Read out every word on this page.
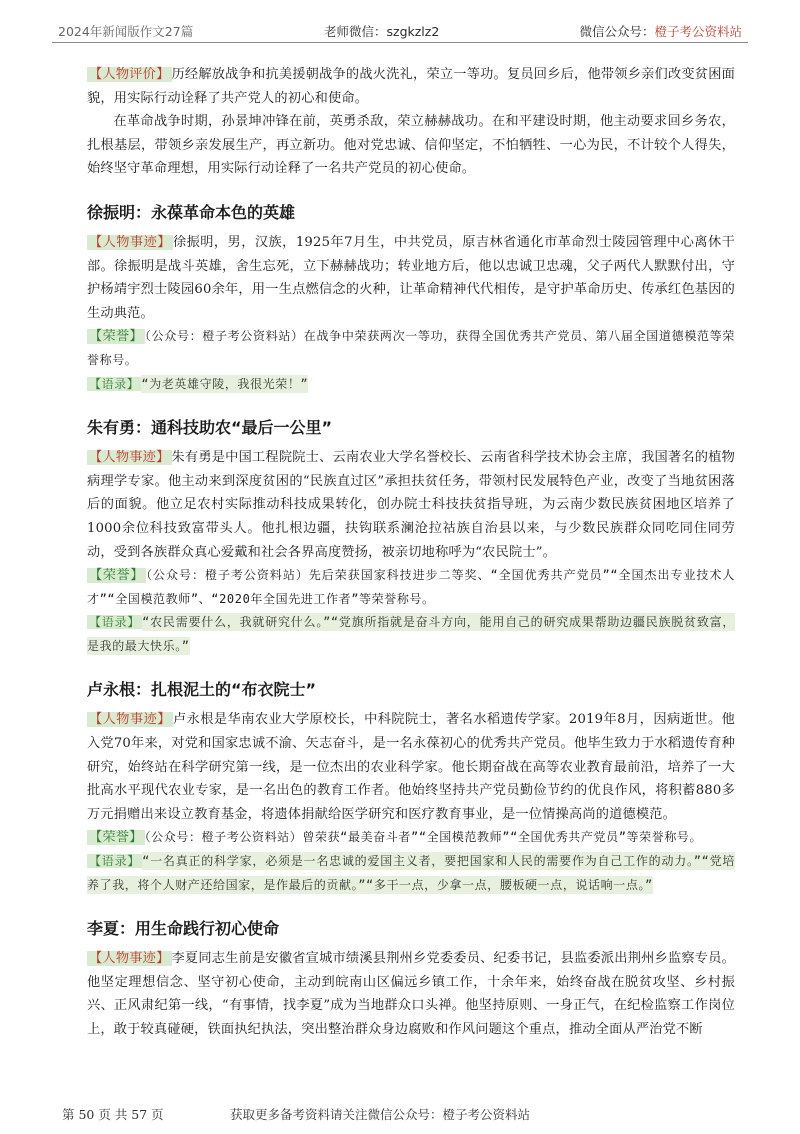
2024年新闻版作文27篇	老师微信：szgkzlz2	微信公众号：橙子考公资料站

【人物评价】 历经解放战争和抗美援朝战争的战火洗礼，荣立一等功。复员回乡后，他带领乡亲们改变贫困面貌，用实际行动诠释了共产党人的初心和使命。

在革命战争时期，孙景坤冲锋在前，英勇杀敌，荣立赫赫战功。在和平建设时期，他主动要求回乡务农，扎根基层，带领乡亲发展生产，再立新功。他对党忠诚、信仰坚定，不怕牺牲、一心为民，不计较个人得失，始终坚守革命理想，用实际行动诠释了一名共产党员的初心使命。

徐振明：永葆革命本色的英雄

【人物事迹】 徐振明，男，汉族，1925年7月生，中共党员，原吉林省通化市革命烈士陵园管理中心离休干部。徐振明是战斗英雄，舍生忘死，立下赫赫战功；转业地方后，他以忠诚卫忠魂，父子两代人默默付出，守护杨靖宇烈士陵园60余年，用一生点燃信念的火种，让革命精神代代相传，是守护革命历史、传承红色基因的生动典范。

【荣誉】 （公众号：橙子考公资料站）在战争中荣获两次一等功，获得全国优秀共产党员、第八届全国道德模范等荣誉称号。

【语录】 “为老英雄守陵，我很光荣！”

朱有勇：通科技助农“最后一公里”

【人物事迹】 朱有勇是中国工程院院士、云南农业大学名誉校长、云南省科学技术协会主席，我国著名的植物病理学专家。他主动来到深度贫困的“民族直过区”承担扶贫任务，带领村民发展特色产业，改变了当地贫困落后的面貌。他立足农村实际推动科技成果转化，创办院士科技扶贫指导班，为云南少数民族贫困地区培养了1000余位科技致富带头人。他扎根边疆，扶钩联系澜沧拉祜族自治县以来，与少数民族群众同吃同住同劳动，受到各族群众真心爱戴和社会各界高度赞扬，被亲切地称呼为“农民院士”。

【荣誉】 （公众号：橙子考公资料站）先后荣获国家科技进步二等奖、“全国优秀共产党员”“全国杰出专业技术人才”“全国模范教师”、“2020年全国先进工作者”等荣誉称号。

【语录】 “农民需要什么，我就研究什么。”“党旗所指就是奋斗方向，能用自己的研究成果帮助边疆民族脱贫致富，是我的最大快乐。”

卢永根：扎根泥土的“布衣院士”

【人物事迹】 卢永根是华南农业大学原校长，中科院院士，著名水稻遗传学家。2019年8月，因病逝世。他入党70年来，对党和国家忠诚不渝、矢志奋斗，是一名永葆初心的优秀共产党员。他毕生致力于水稻遗传育种研究，始终站在科学研究第一线，是一位杰出的农业科学家。他长期奋战在高等农业教育最前沿，培养了一大批高水平现代农业专家，是一名出色的教育工作者。他始终坚持共产党员勤俭节约的优良作风，将积蓄880多万元捐赠出来设立教育基金，将遗体捐献给医学研究和医疗教育事业，是一位情操高尚的道德模范。

【荣誉】 （公众号：橙子考公资料站）曾荣获“最美奋斗者”“全国模范教师”“全国优秀共产党员”等荣誉称号。

【语录】 “一名真正的科学家，必须是一名忠诚的爱国主义者，要把国家和人民的需要作为自己工作的动力。”“党培养了我，将个人财产还给国家，是作最后的贡献。”“多干一点，少拿一点，腰板硬一点，说话响一点。”

李夏：用生命践行初心使命

【人物事迹】 李夏同志生前是安徽省宣城市绩溪县荆州乡党委委员、纪委书记，县监委派出荆州乡监察专员。他坚定理想信念、坚守初心使命，主动到皖南山区偏远乡镇工作，十余年来，始终奋战在脱贫攻坚、乡村振兴、正风肃纪第一线，“有事情，找李夏”成为当地群众口头禅。他坚持原则、一身正气，在纪检监察工作岗位上，敢于较真碰硬，铁面执纪执法，突出整治群众身边腐败和作风问题这个重点，推动全面从严治党不断

第 50 页 共 57 页	获取更多备考资料请关注微信公众号：橙子考公资料站
